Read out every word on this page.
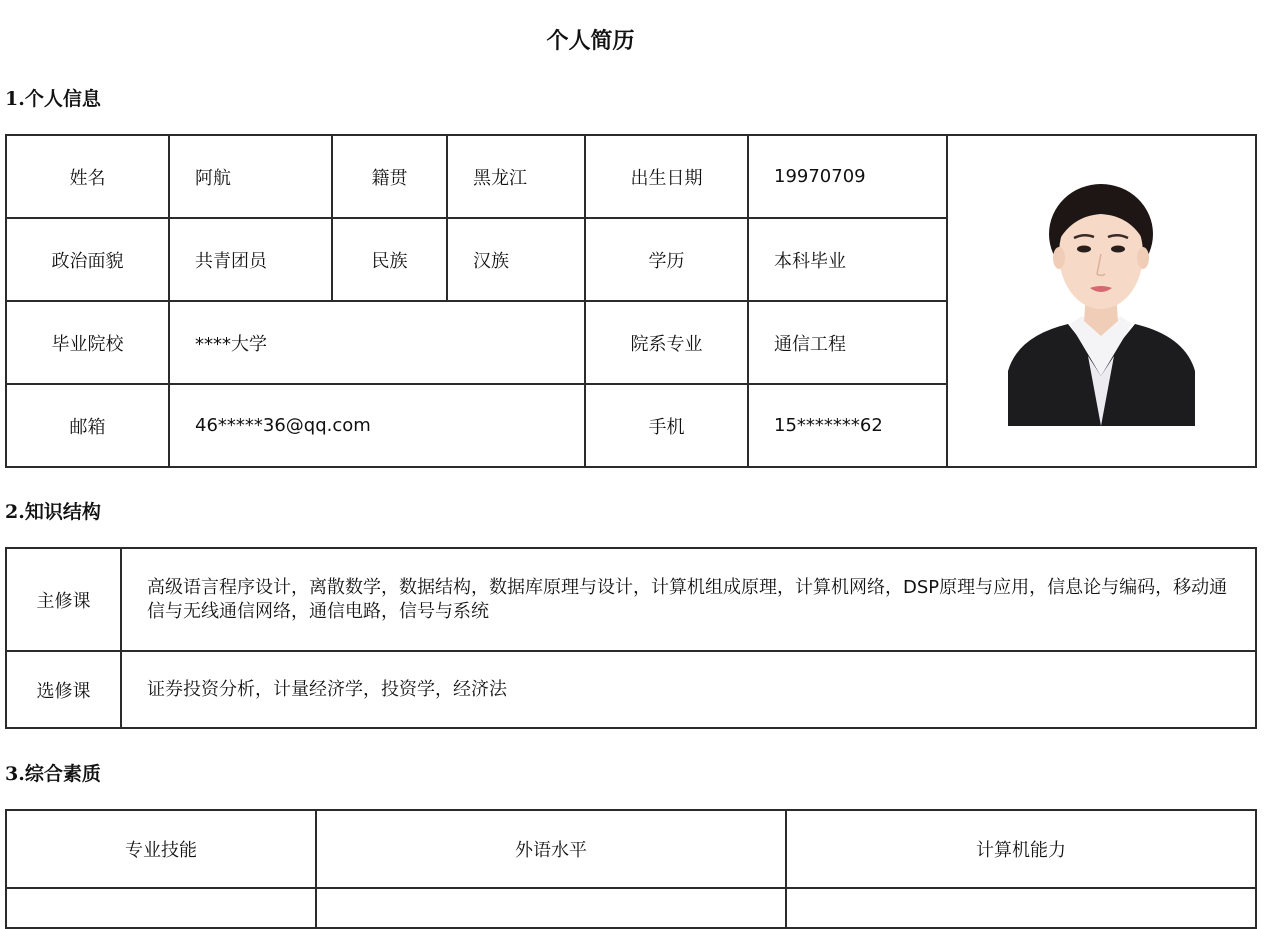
个人简历
1.个人信息
姓名	阿航	籍贯	黑龙江	出生日期	19970709	
政治面貌	共青团员	民族	汉族	学历	本科毕业	
毕业院校	****大学			院系专业	通信工程	
邮箱	46*****36@qq.com			手机	15*******62	
2.知识结构
主修课	高级语言程序设计，离散数学，数据结构，数据库原理与设计，计算机组成原理，计算机网络，DSP原理与应用，信息论与编码，移动通信与无线通信网络，通信电路，信号与系统
选修课	证券投资分析，计量经济学，投资学，经济法
3.综合素质
专业技能	外语水平	计算机能力
